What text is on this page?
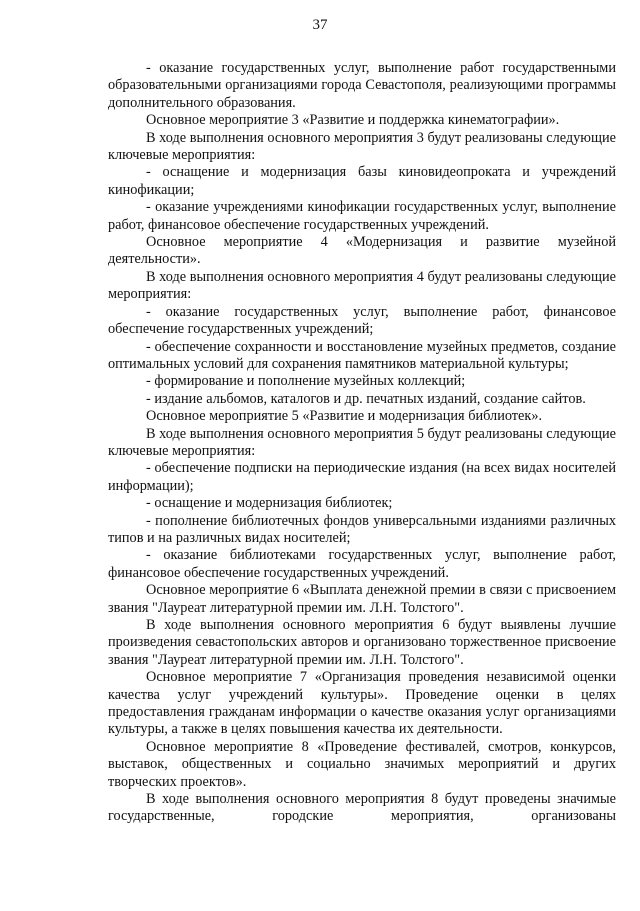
37

- оказание государственных услуг, выполнение работ государственными образовательными организациями города Севастополя, реализующими программы дополнительного образования.

Основное мероприятие 3 «Развитие и поддержка кинематографии».

В ходе выполнения основного мероприятия 3 будут реализованы следующие ключевые мероприятия:

- оснащение и модернизация базы киновидеопроката и учреждений кинофикации;

- оказание учреждениями кинофикации государственных услуг, выполнение работ, финансовое обеспечение государственных учреждений.

Основное мероприятие 4 «Модернизация и развитие музейной деятельности».

В ходе выполнения основного мероприятия 4 будут реализованы следующие мероприятия:

- оказание государственных услуг, выполнение работ, финансовое обеспечение государственных учреждений;

- обеспечение сохранности и восстановление музейных предметов, создание оптимальных условий для сохранения памятников материальной культуры;

- формирование и пополнение музейных коллекций;

- издание альбомов, каталогов и др. печатных изданий, создание сайтов.

Основное мероприятие 5 «Развитие и модернизация библиотек».

В ходе выполнения основного мероприятия 5 будут реализованы следующие ключевые мероприятия:

- обеспечение подписки на периодические издания (на всех видах носителей информации);

- оснащение и модернизация библиотек;

- пополнение библиотечных фондов универсальными изданиями различных типов и на различных видах носителей;

- оказание библиотеками государственных услуг, выполнение работ, финансовое обеспечение государственных учреждений.

Основное мероприятие 6 «Выплата денежной премии в связи с присвоением звания "Лауреат литературной премии им. Л.Н. Толстого".

В ходе выполнения основного мероприятия 6 будут выявлены лучшие произведения севастопольских авторов и организовано торжественное присвоение звания "Лауреат литературной премии им. Л.Н. Толстого".

Основное мероприятие 7 «Организация проведения независимой оценки качества услуг учреждений культуры». Проведение оценки в целях предоставления гражданам информации о качестве оказания услуг организациями культуры, а также в целях повышения качества их деятельности.

Основное мероприятие 8 «Проведение фестивалей, смотров, конкурсов, выставок, общественных и социально значимых мероприятий и других творческих проектов».

В ходе выполнения основного мероприятия 8 будут проведены значимые государственные, городские мероприятия, организованы
